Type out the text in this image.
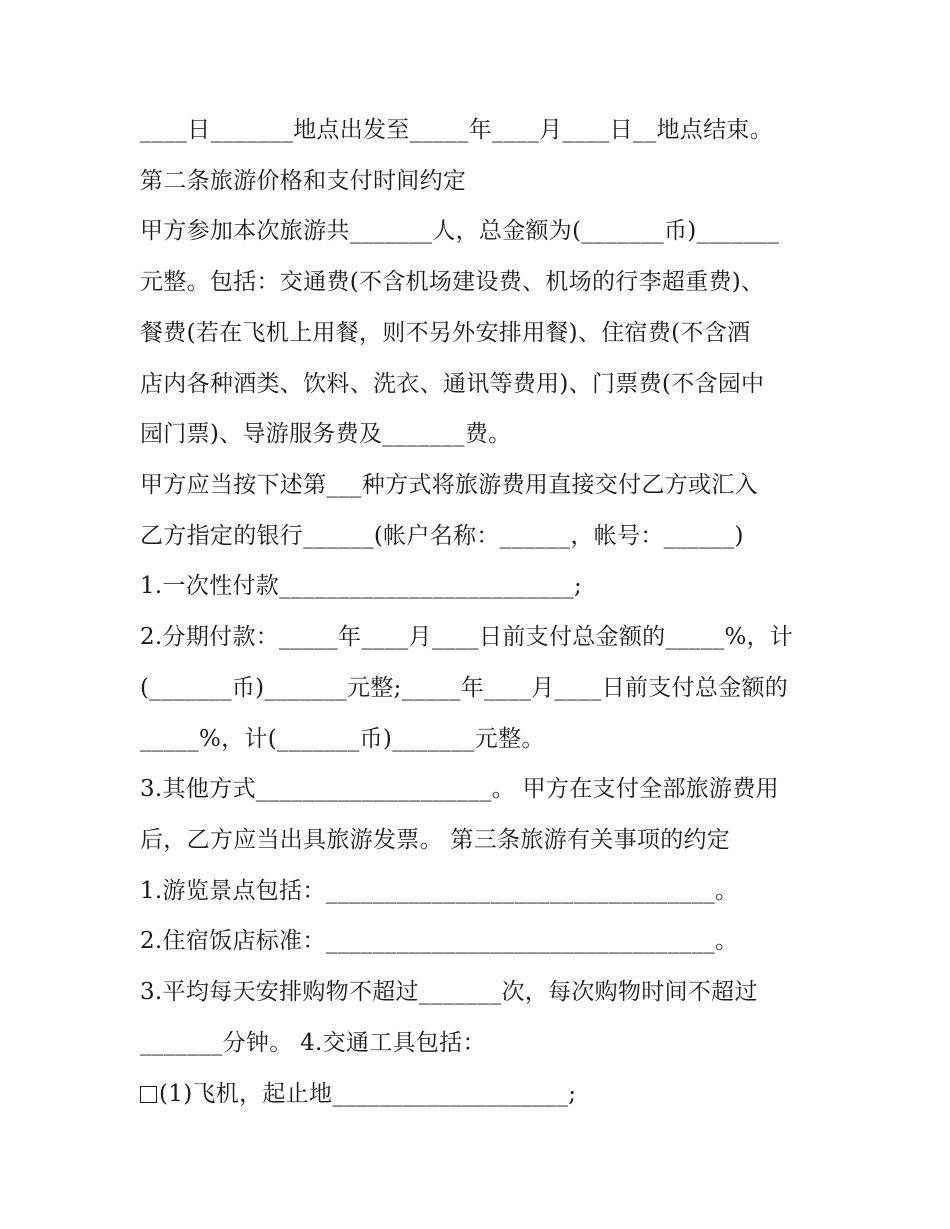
____日_______地点出发至_____年____月____日__地点结束。
第二条旅游价格和支付时间约定
甲方参加本次旅游共_______人，总金额为(_______币)_______
元整。包括：交通费(不含机场建设费、机场的行李超重费)、
餐费(若在飞机上用餐，则不另外安排用餐)、住宿费(不含酒
店内各种酒类、饮料、洗衣、通讯等费用)、门票费(不含园中
园门票)、导游服务费及_______费。
甲方应当按下述第___种方式将旅游费用直接交付乙方或汇入
乙方指定的银行______(帐户名称：______，帐号：______)
1.一次性付款_________________________;
2.分期付款：_____年____月____日前支付总金额的_____%，计
(_______币)_______元整;_____年____月____日前支付总金额的
_____%，计(_______币)_______元整。
3.其他方式____________________。 甲方在支付全部旅游费用
后，乙方应当出具旅游发票。 第三条旅游有关事项的约定
1.游览景点包括：_________________________________。
2.住宿饭店标准：_________________________________。
3.平均每天安排购物不超过_______次，每次购物时间不超过
_______分钟。 4.交通工具包括：
(1)飞机，起止地____________________;
